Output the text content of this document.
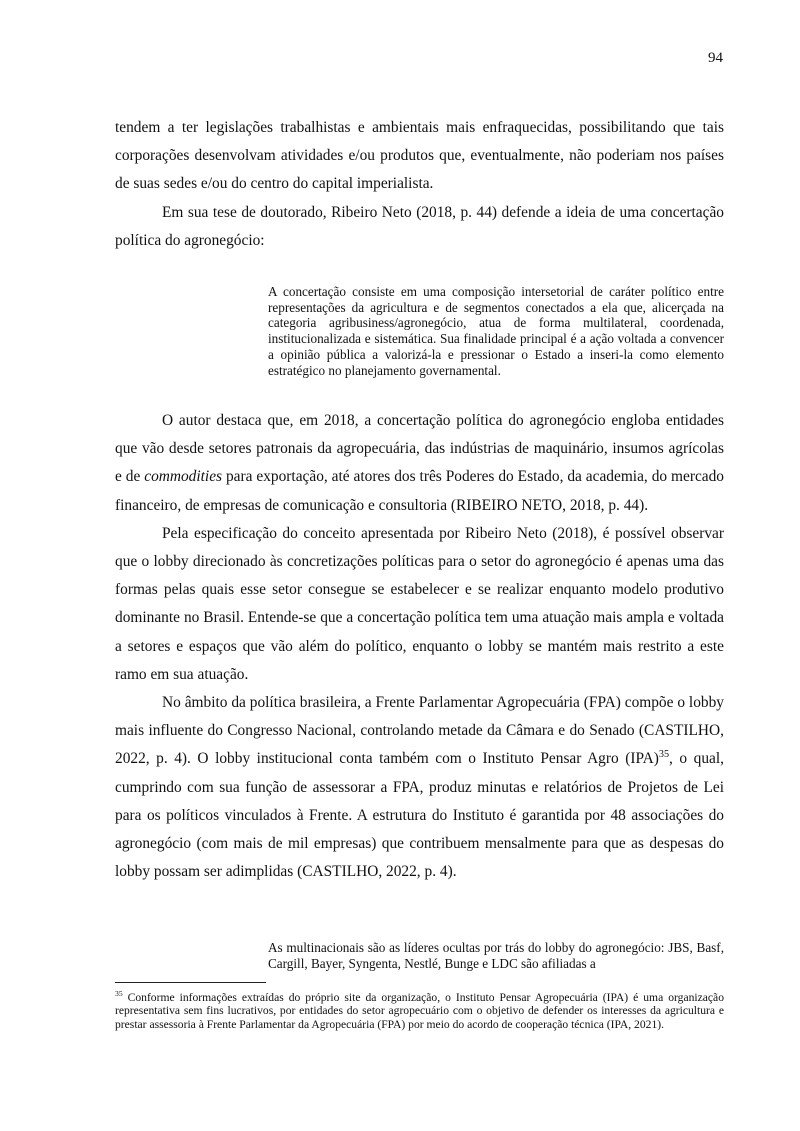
94

tendem a ter legislações trabalhistas e ambientais mais enfraquecidas, possibilitando que tais corporações desenvolvam atividades e/ou produtos que, eventualmente, não poderiam nos países de suas sedes e/ou do centro do capital imperialista.

Em sua tese de doutorado, Ribeiro Neto (2018, p. 44) defende a ideia de uma concertação política do agronegócio:

A concertação consiste em uma composição intersetorial de caráter político entre representações da agricultura e de segmentos conectados a ela que, alicerçada na categoria agribusiness/agronegócio, atua de forma multilateral, coordenada, institucionalizada e sistemática. Sua finalidade principal é a ação voltada a convencer a opinião pública a valorizá-la e pressionar o Estado a inseri-la como elemento estratégico no planejamento governamental.

O autor destaca que, em 2018, a concertação política do agronegócio engloba entidades que vão desde setores patronais da agropecuária, das indústrias de maquinário, insumos agrícolas e de commodities para exportação, até atores dos três Poderes do Estado, da academia, do mercado financeiro, de empresas de comunicação e consultoria (RIBEIRO NETO, 2018, p. 44).

Pela especificação do conceito apresentada por Ribeiro Neto (2018), é possível observar que o lobby direcionado às concretizações políticas para o setor do agronegócio é apenas uma das formas pelas quais esse setor consegue se estabelecer e se realizar enquanto modelo produtivo dominante no Brasil. Entende-se que a concertação política tem uma atuação mais ampla e voltada a setores e espaços que vão além do político, enquanto o lobby se mantém mais restrito a este ramo em sua atuação.

No âmbito da política brasileira, a Frente Parlamentar Agropecuária (FPA) compõe o lobby mais influente do Congresso Nacional, controlando metade da Câmara e do Senado (CASTILHO, 2022, p. 4). O lobby institucional conta também com o Instituto Pensar Agro (IPA)$^{35}$, o qual, cumprindo com sua função de assessorar a FPA, produz minutas e relatórios de Projetos de Lei para os políticos vinculados à Frente. A estrutura do Instituto é garantida por 48 associações do agronegócio (com mais de mil empresas) que contribuem mensalmente para que as despesas do lobby possam ser adimplidas (CASTILHO, 2022, p. 4).

As multinacionais são as líderes ocultas por trás do lobby do agronegócio: JBS, Basf, Cargill, Bayer, Syngenta, Nestlé, Bunge e LDC são afiliadas a

$^{35}$ Conforme informações extraídas do próprio site da organização, o Instituto Pensar Agropecuária (IPA) é uma organização representativa sem fins lucrativos, por entidades do setor agropecuário com o objetivo de defender os interesses da agricultura e prestar assessoria à Frente Parlamentar da Agropecuária (FPA) por meio do acordo de cooperação técnica (IPA, 2021).
